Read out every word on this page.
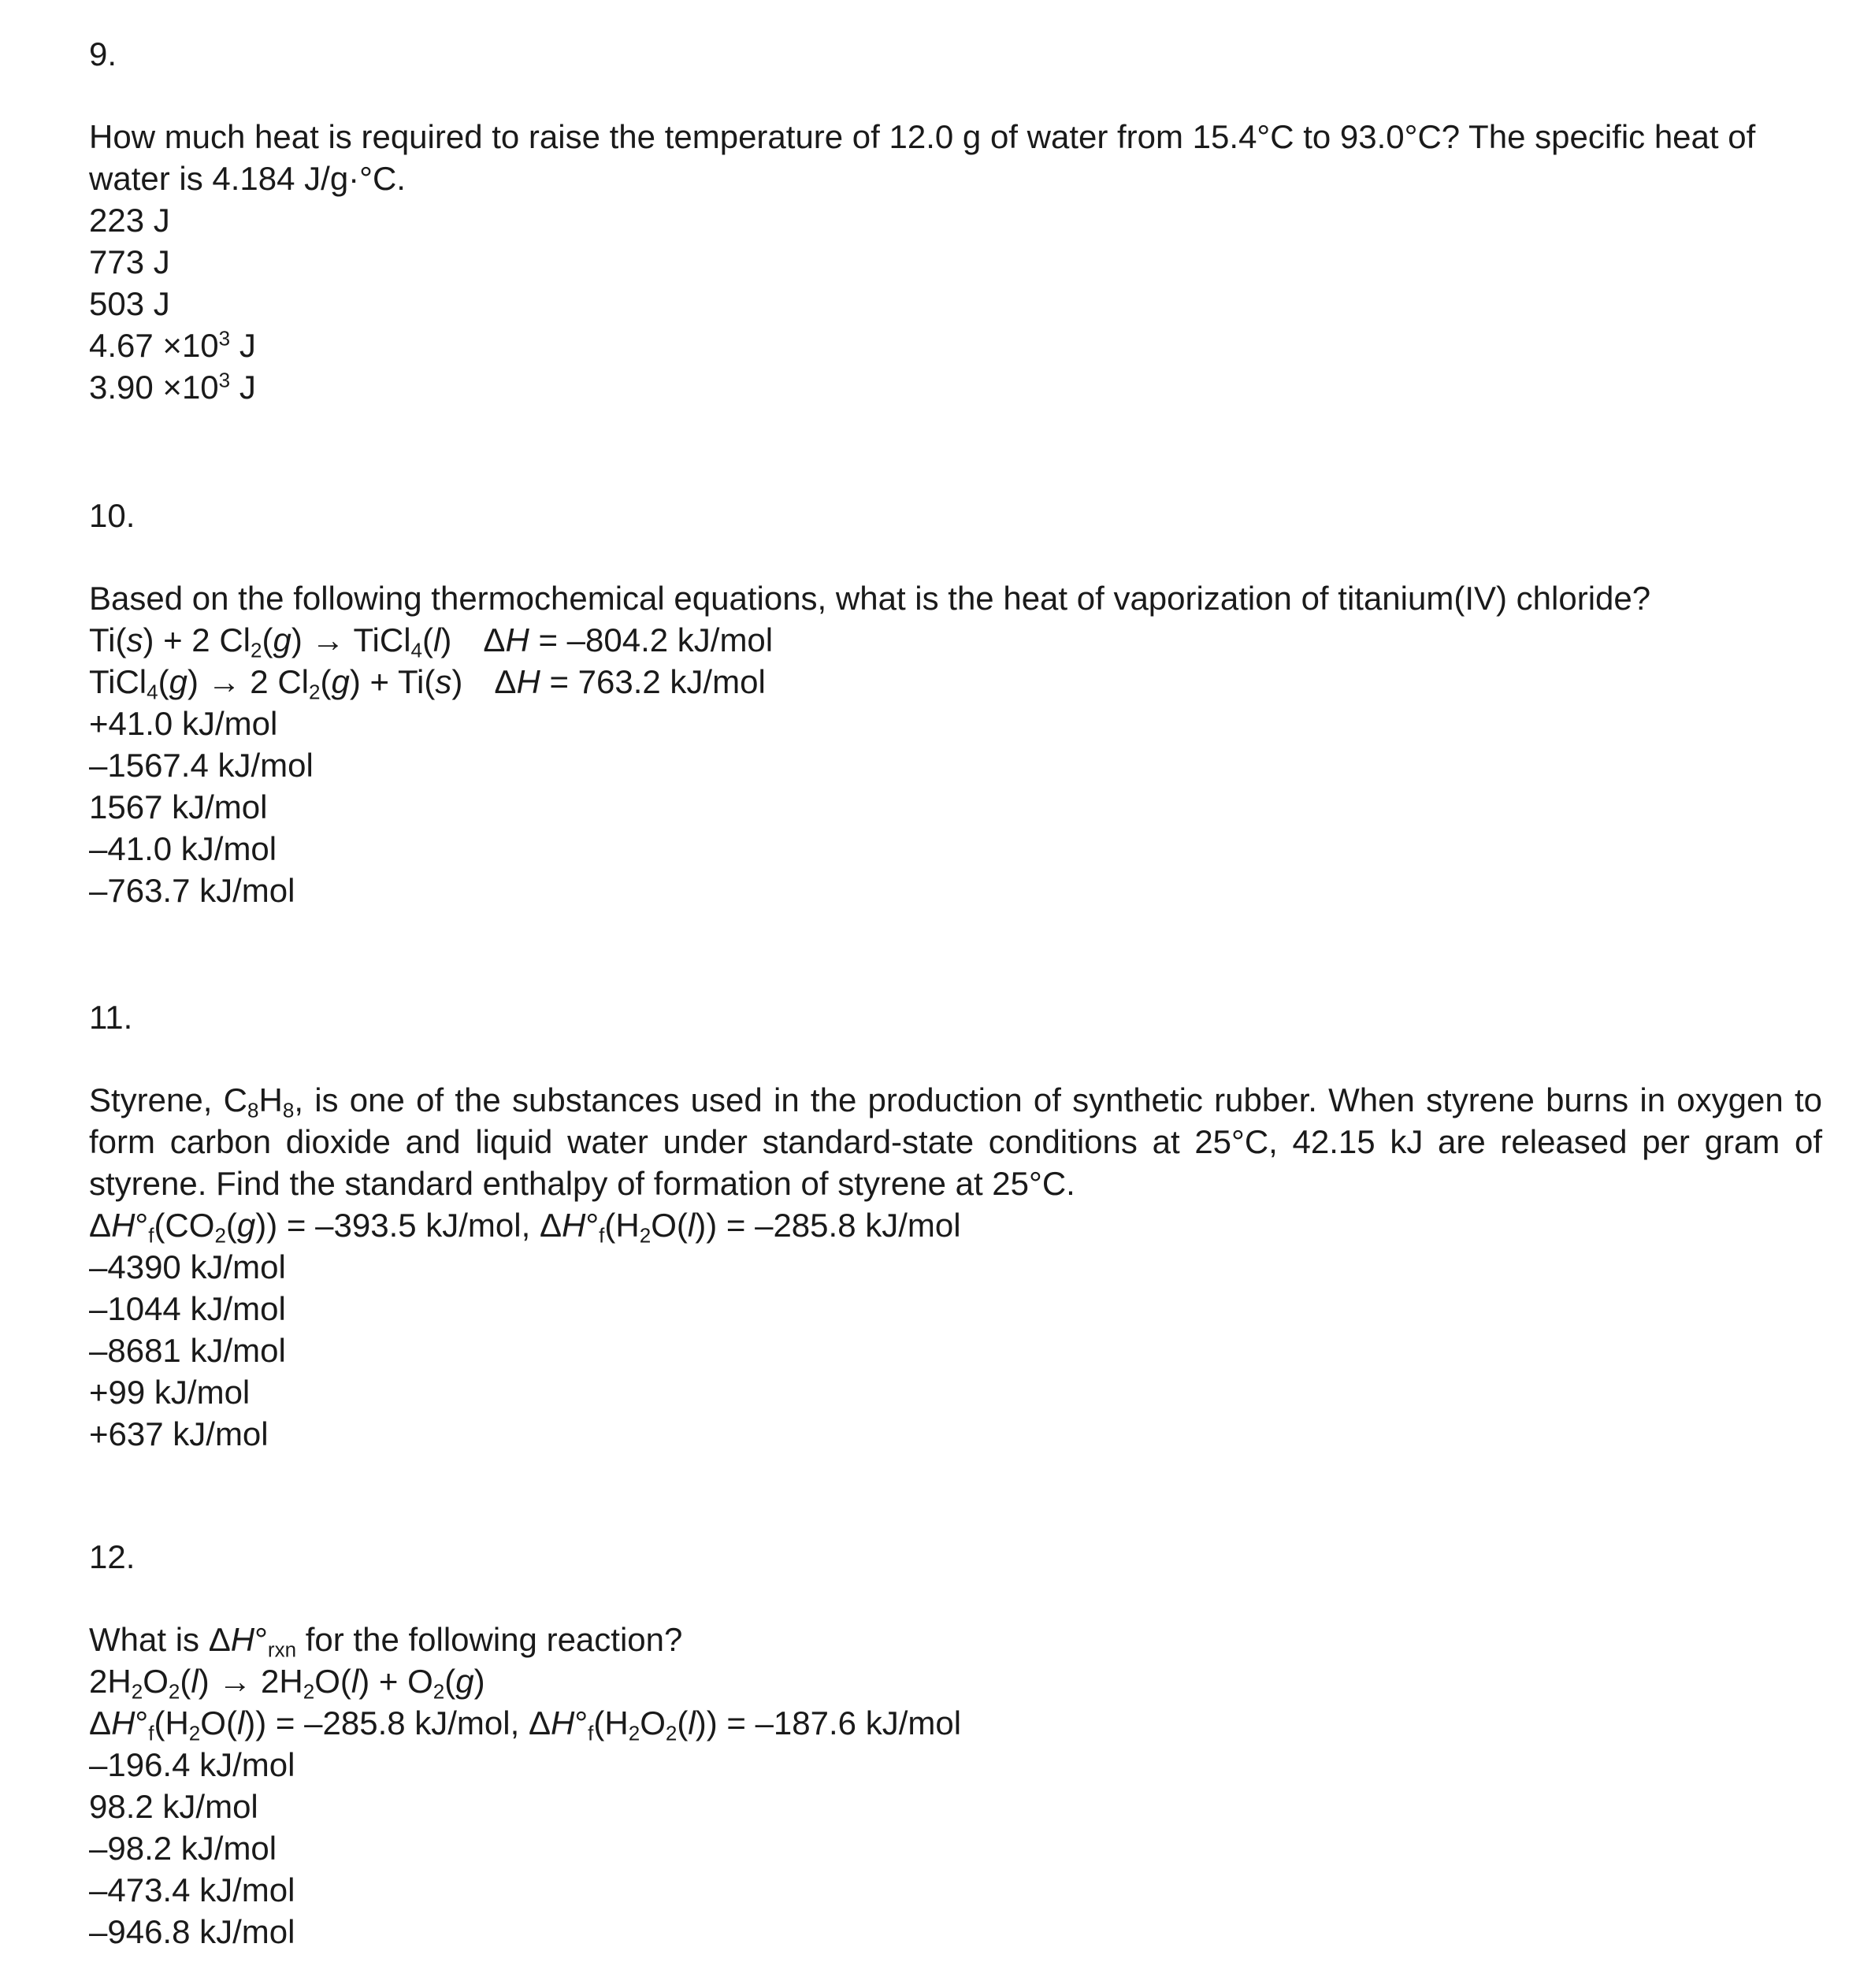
9.

How much heat is required to raise the temperature of 12.0 g of water from 15.4°C to 93.0°C? The specific heat of water is 4.184 J/g·°C.

223 J

773 J

503 J

$4.67 \times 10^3$ J

$3.90 \times 10^3$ J

10.

Based on the following thermochemical equations, what is the heat of vaporization of titanium(IV) chloride?

Ti(s) + 2 $Cl_2(g)$ → TiCl$_4$(l) ΔH = –804.2 kJ/mol

TiCl$_4$(g) → 2 $Cl_2(g) + Ti(s) \Delta H = 763.2$ kJ/mol

+41.0 kJ/mol

–1567.4 kJ/mol

1567 kJ/mol

–41.0 kJ/mol

–763.7 kJ/mol

11.

Styrene, $C_8H_8$, is one of the substances used in the production of synthetic rubber. When styrene burns in oxygen to form carbon dioxide and liquid water under standard-state conditions at 25°C, 42.15 kJ are released per gram of styrene. Find the standard enthalpy of formation of styrene at 25°C.

$\Delta H^\circ_f(CO_2(g)) = -393.5$ kJ/mol, $\Delta H^\circ_f(H_2O(l)) = -285.8$ kJ/mol

–4390 kJ/mol

–1044 kJ/mol

–8681 kJ/mol

+99 kJ/mol

+637 kJ/mol

12.

What is $\Delta H^\circ_{rxn}$ for the following reaction?

$2H_2O_2(l) \to 2H_2O(l) + O_2(g)$

$\Delta H^\circ_f(H_2O(l)) = -285.8$ kJ/mol, $\Delta H^\circ_f(H_2O_2(l)) = -187.6$ kJ/mol

–196.4 kJ/mol

98.2 kJ/mol

–98.2 kJ/mol

–473.4 kJ/mol

–946.8 kJ/mol
